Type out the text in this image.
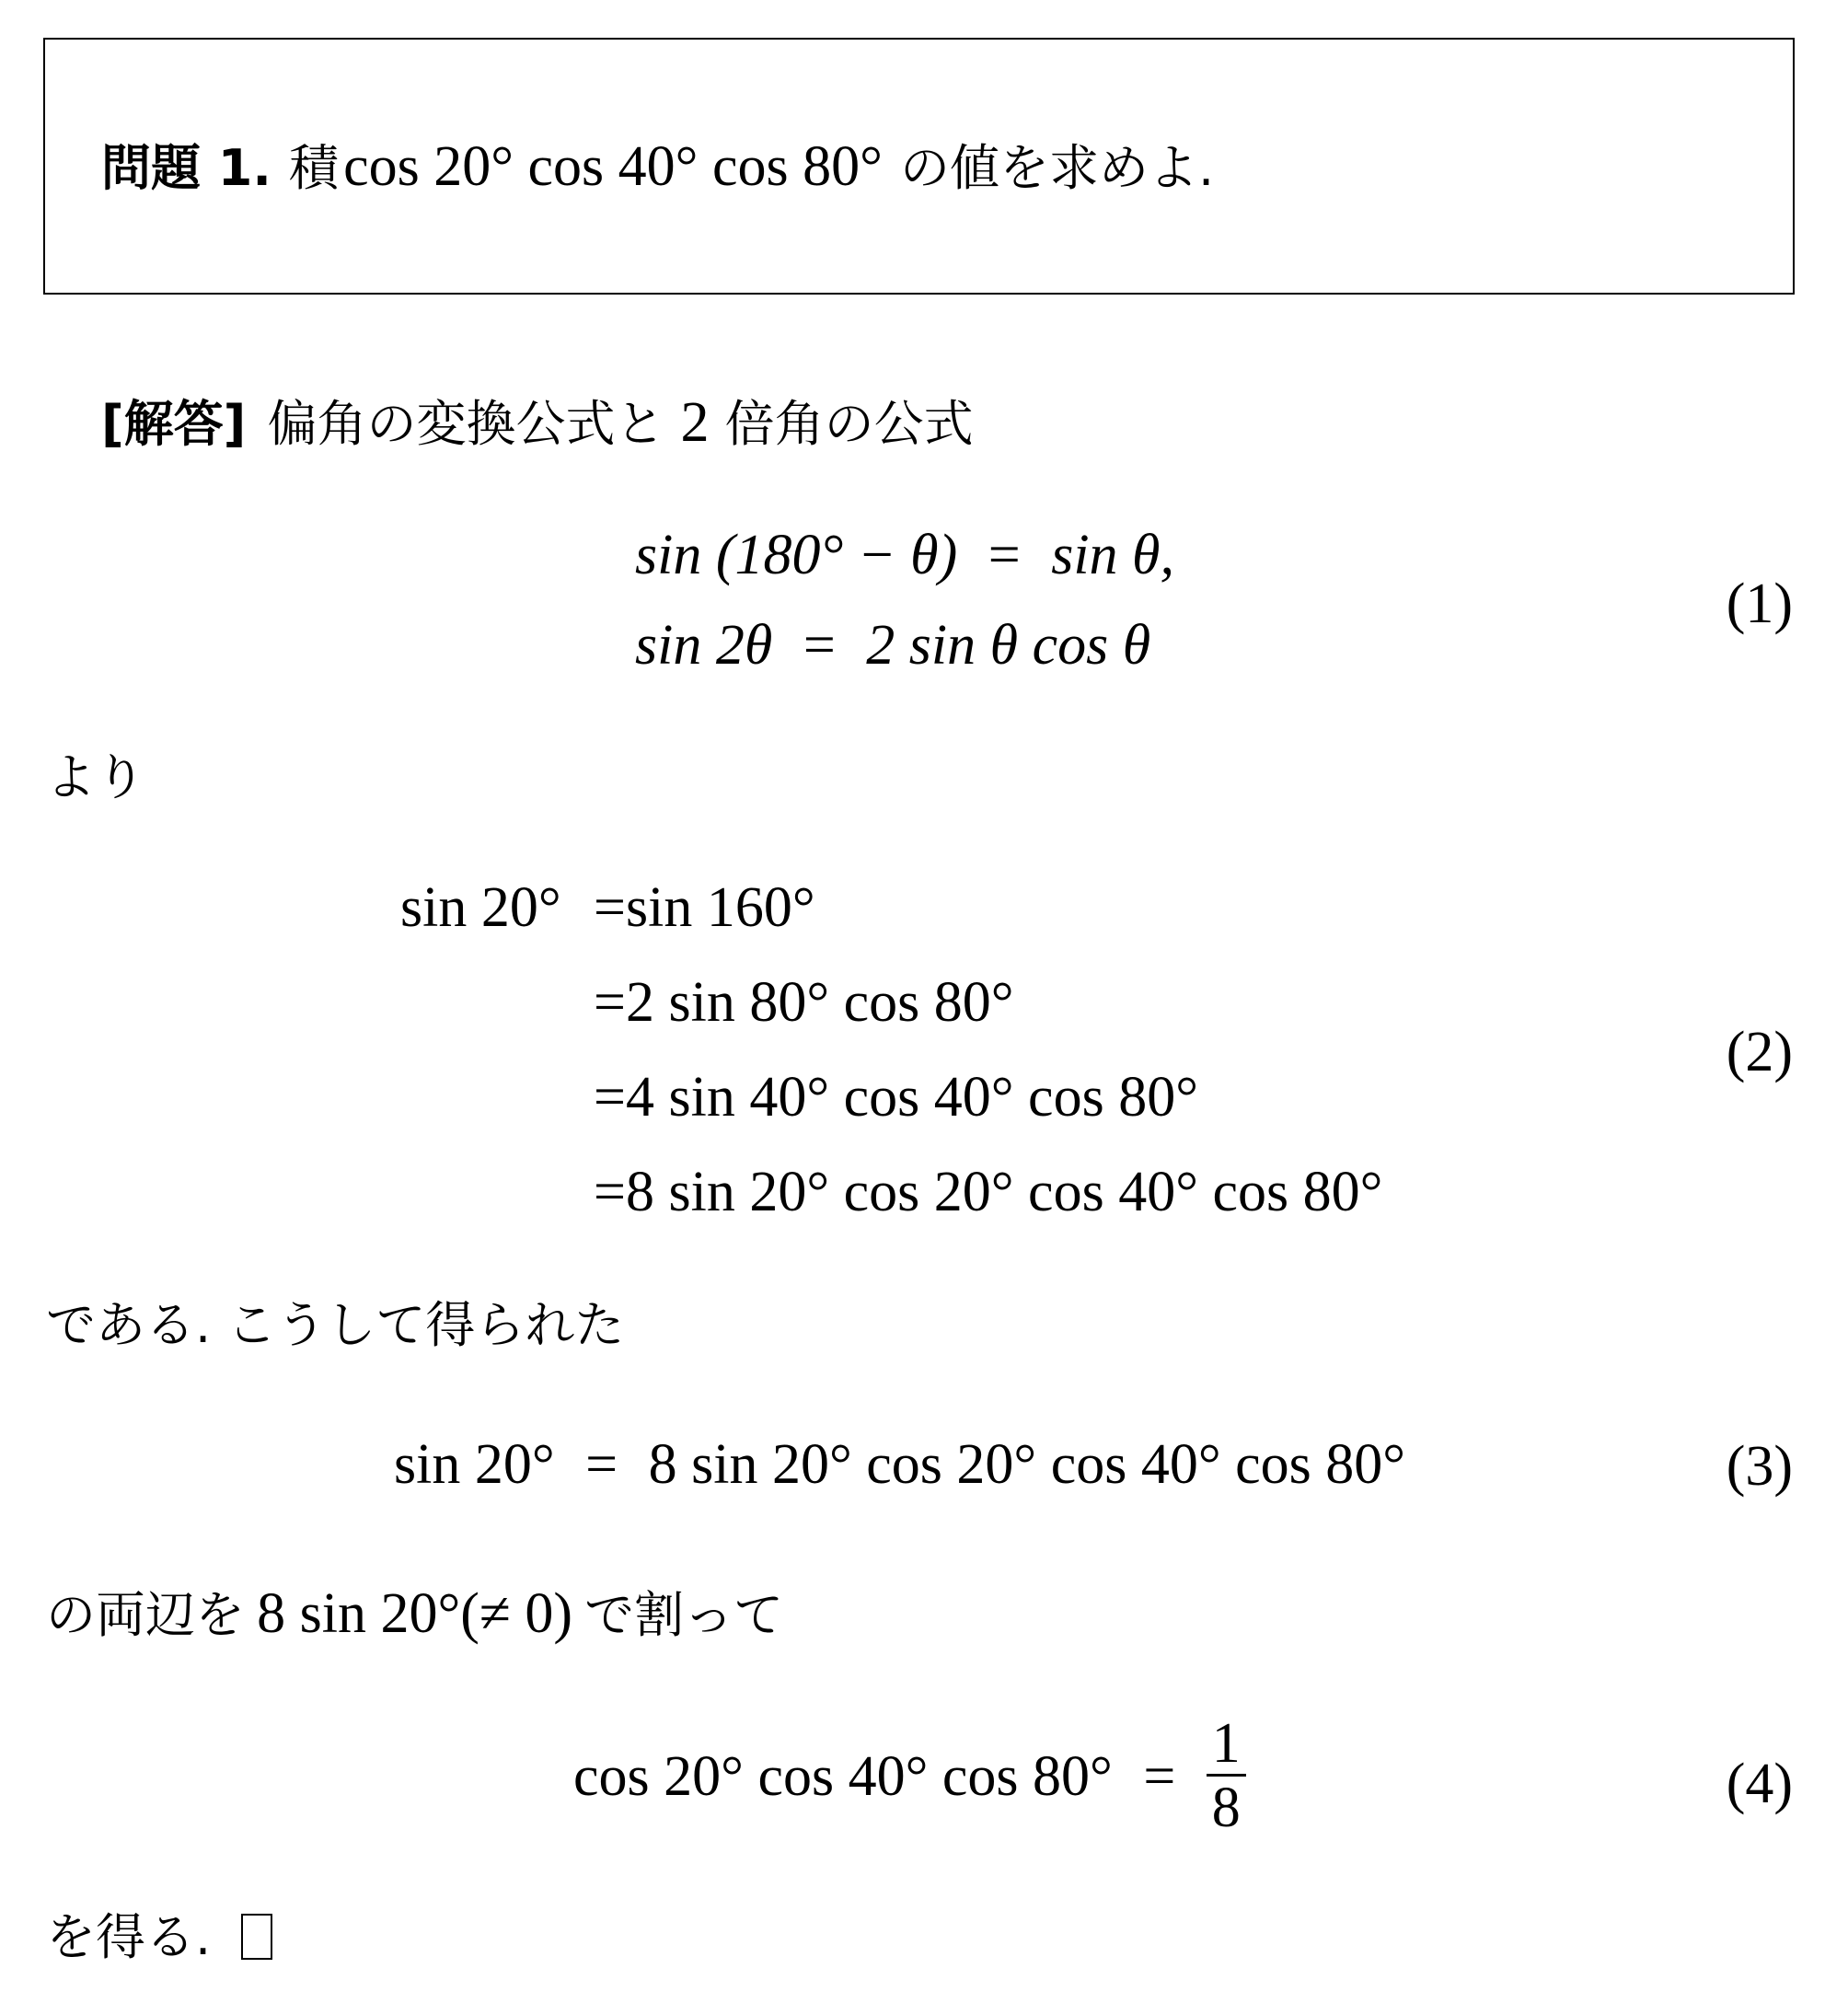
問題 1. 積 cos 20° cos 40° cos 80° の値を求めよ.
[解答] 偏角の変換公式と 2 倍角の公式
sin (180° − θ) = sin θ,
sin 2θ = 2 sin θ cos θ
(1)
より
sin 20° =sin 160°
=2 sin 80° cos 80°
=4 sin 40° cos 40° cos 80°
=8 sin 20° cos 20° cos 40° cos 80°
(2)
である. こうして得られた
sin 20° = 8 sin 20° cos 20° cos 40° cos 80°	(3)
の両辺を 8 sin 20°(≠ 0) で割って
cos 20° cos 40° $\cos 80^\circ = \frac{1}{8}$	(4)
を得る.
